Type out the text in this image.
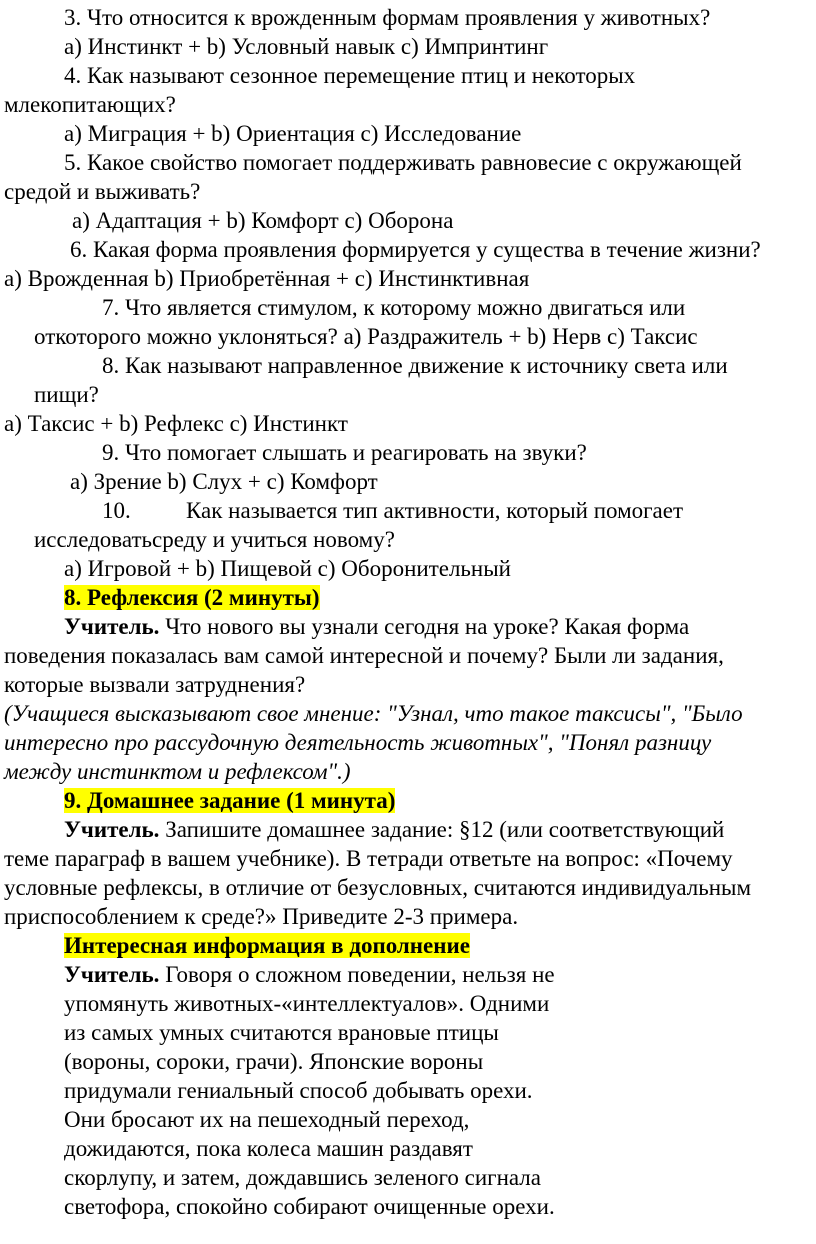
3. Что относится к врожденным формам проявления у животных?
a) Инстинкт + b) Условный навык c) Импринтинг
4. Как называют сезонное перемещение птиц и некоторых
млекопитающих?
a) Миграция + b) Ориентация c) Исследование
5. Какое свойство помогает поддерживать равновесие с окружающей
средой и выживать?
a) Адаптация + b) Комфорт c) Оборона
6. Какая форма проявления формируется у существа в течение жизни?
a) Врожденная b) Приобретённая + c) Инстинктивная
7. Что является стимулом, к которому можно двигаться или
откоторого можно уклоняться? a) Раздражитель + b) Нерв c) Таксис
8. Как называют направленное движение к источнику света или
пищи?
a) Таксис + b) Рефлекс c) Инстинкт
9. Что помогает слышать и реагировать на звуки?
a) Зрение b) Слух + c) Комфорт
10. Как называется тип активности, который помогает
исследоватьсреду и учиться новому?
a) Игровой + b) Пищевой c) Оборонительный
8. Рефлексия (2 минуты)
Учитель. Что нового вы узнали сегодня на уроке? Какая форма
поведения показалась вам самой интересной и почему? Были ли задания,
которые вызвали затруднения?
(Учащиеся высказывают свое мнение: "Узнал, что такое таксисы", "Было
интересно про рассудочную деятельность животных", "Понял разницу
между инстинктом и рефлексом".)
9. Домашнее задание (1 минута)
Учитель. Запишите домашнее задание: §12 (или соответствующий
теме параграф в вашем учебнике). В тетради ответьте на вопрос: «Почему
условные рефлексы, в отличие от безусловных, считаются индивидуальным
приспособлением к среде?» Приведите 2-3 примера.
Интересная информация в дополнение
Учитель. Говоря о сложном поведении, нельзя не
упомянуть животных-«интеллектуалов». Одними
из самых умных считаются врановые птицы
(вороны, сороки, грачи). Японские вороны
придумали гениальный способ добывать орехи.
Они бросают их на пешеходный переход,
дожидаются, пока колеса машин раздавят
скорлупу, и затем, дождавшись зеленого сигнала
светофора, спокойно собирают очищенные орехи.
